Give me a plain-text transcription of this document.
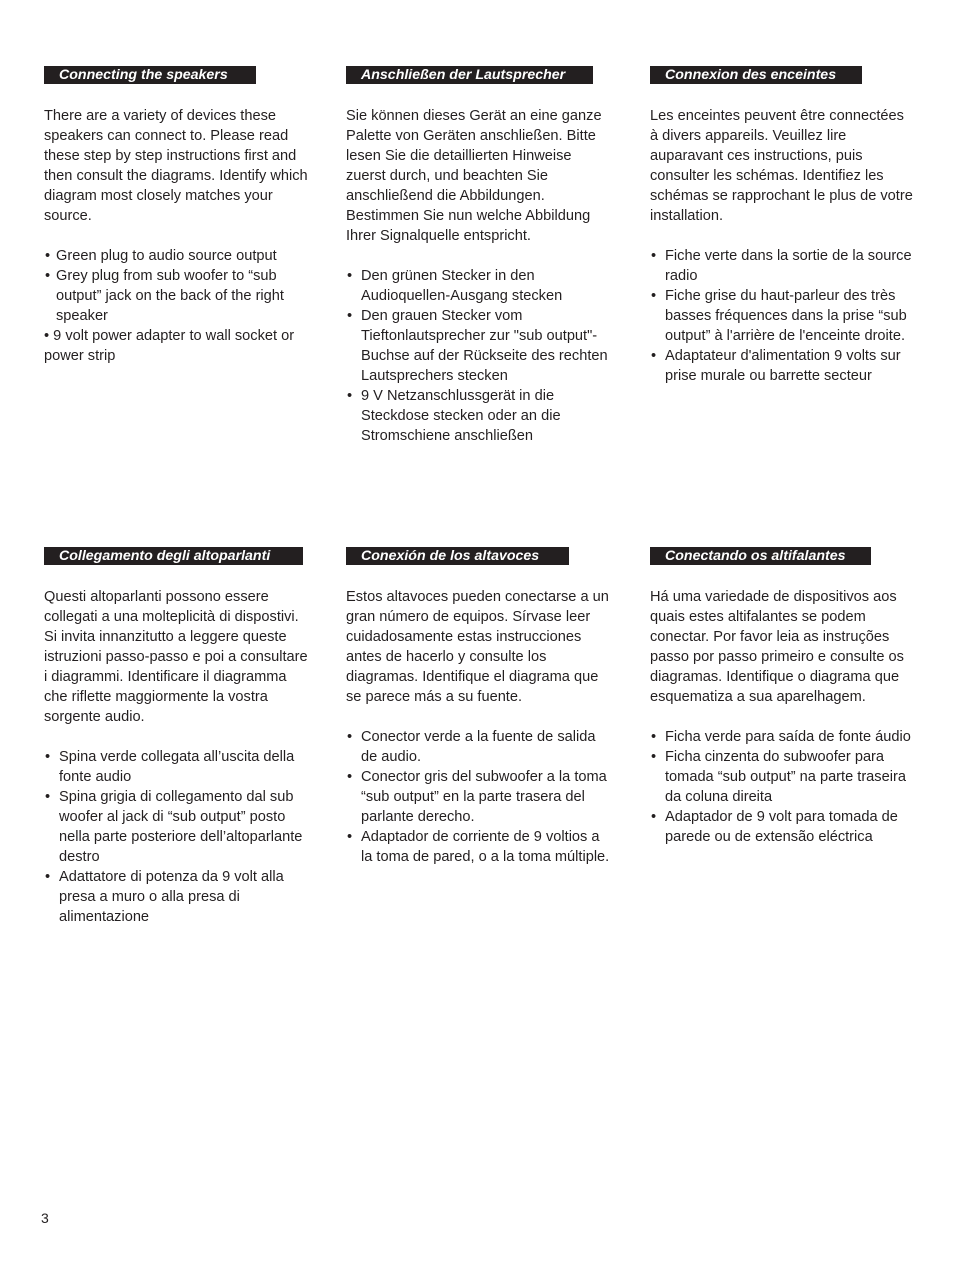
Connecting the speakers

There are a variety of devices these speakers can connect to. Please read these step by step instructions first and then consult the diagrams. Identify which diagram most closely matches your source.

• Green plug to audio source output
• Grey plug from sub woofer to “sub output” jack on the back of the right speaker
• 9 volt power adapter to wall socket or power strip
Anschließen der Lautsprecher

Sie können dieses Gerät an eine ganze Palette von Geräten anschließen. Bitte lesen Sie die detaillierten Hinweise zuerst durch, und beachten Sie anschließend die Abbildungen. Bestimmen Sie nun welche Abbildung Ihrer Signalquelle entspricht.

• Den grünen Stecker in den Audioquellen-Ausgang stecken
• Den grauen Stecker vom Tieftonlautsprecher zur "sub output"-Buchse auf der Rückseite des rechten Lautsprechers stecken
• 9 V Netzanschlussgerät in die Steckdose stecken oder an die Stromschiene anschließen
Connexion des enceintes

Les enceintes peuvent être connectées à divers appareils. Veuillez lire auparavant ces instructions, puis consulter les schémas. Identifiez les schémas se rapprochant le plus de votre installation.

• Fiche verte dans la sortie de la source radio
• Fiche grise du haut-parleur des très basses fréquences dans la prise “sub output” à l'arrière de l'enceinte droite.
• Adaptateur d'alimentation 9 volts sur prise murale ou barrette secteur
Collegamento degli altoparlanti

Questi altoparlanti possono essere collegati a una molteplicità di dispostivi. Si invita innanzitutto a leggere queste istruzioni passo-passo e poi a consultare i diagrammi. Identificare il diagramma che riflette maggiormente la vostra sorgente audio.

• Spina verde collegata all’uscita della fonte audio
• Spina grigia di collegamento dal sub woofer al jack di “sub output” posto nella parte posteriore dell’altoparlante destro
• Adattatore di potenza da 9 volt alla presa a muro o alla presa di alimentazione
Conexión de los altavoces

Estos altavoces pueden conectarse a un gran número de equipos. Sírvase leer cuidadosamente estas instrucciones antes de hacerlo y consulte los diagramas. Identifique el diagrama que se parece más a su fuente.

• Conector verde a la fuente de salida de audio.
• Conector gris del subwoofer a la toma “sub output” en la parte trasera del parlante derecho.
• Adaptador de corriente de 9 voltios a la toma de pared, o a la toma múltiple.
Conectando os altifalantes

Há uma variedade de dispositivos aos quais estes altifalantes se podem conectar. Por favor leia as instruções passo por passo primeiro e consulte os diagramas. Identifique o diagrama que esquematiza a sua aparelhagem.

• Ficha verde para saída de fonte áudio
• Ficha cinzenta do subwoofer para tomada “sub output” na parte traseira da coluna direita
• Adaptador de 9 volt para tomada de parede ou de extensão eléctrica
3
